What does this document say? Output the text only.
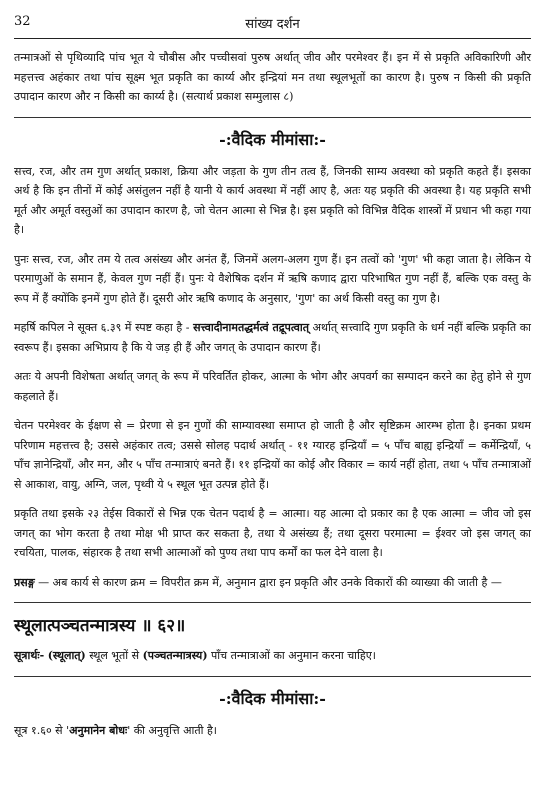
32	सांख्य दर्शन

तन्मात्रओं से पृथिव्यादि पांच भूत ये चौबीस और पच्चीसवां पुरुष अर्थात् जीव और परमेश्वर हैं। इन में से प्रकृति अविकारिणी और महत्तत्त्व अहंकार तथा पांच सूक्ष्म भूत प्रकृति का कार्य्य और इन्द्रियां मन तथा स्थूलभूतों का कारण है। पुरुष न किसी की प्रकृति उपादान कारण और न किसी का कार्य्य है। (सत्यार्थ प्रकाश सम्मुलास ८)

-:वैदिक मीमांसा:-

सत्त्व, रज, और तम गुण अर्थात् प्रकाश, क्रिया और जड़ता के गुण तीन तत्व हैं, जिनकी साम्य अवस्था को प्रकृति कहते हैं। इसका अर्थ है कि इन तीनों में कोई असंतुलन नहीं है यानी ये कार्य अवस्था में नहीं आए है, अतः यह प्रकृति की अवस्था है। यह प्रकृति सभी मूर्त और अमूर्त वस्तुओं का उपादान कारण है, जो चेतन आत्मा से भिन्न है। इस प्रकृति को विभिन्न वैदिक शास्त्रों में प्रधान भी कहा गया है।

पुनः सत्त्व, रज, और तम ये तत्व असंख्य और अनंत हैं, जिनमें अलग-अलग गुण हैं। इन तत्वों को 'गुण' भी कहा जाता है। लेकिन ये परमाणुओं के समान हैं, केवल गुण नहीं हैं। पुनः ये वैशेषिक दर्शन में ऋषि कणाद द्वारा परिभाषित गुण नहीं हैं, बल्कि एक वस्तु के रूप में हैं क्योंकि इनमें गुण होते हैं। दूसरी ओर ऋषि कणाद के अनुसार, 'गुण' का अर्थ किसी वस्तु का गुण है।

महर्षि कपिल ने सूक्त ६.३९ में स्पष्ट कहा है - सत्त्वादीनामतद्धर्मत्वं तद्रूपत्वात् अर्थात् सत्त्वादि गुण प्रकृति के धर्म नहीं बल्कि प्रकृति का स्वरूप हैं। इसका अभिप्राय है कि ये जड़ ही हैं और जगत् के उपादान कारण हैं।

अतः ये अपनी विशेषता अर्थात् जगत् के रूप में परिवर्तित होकर, आत्मा के भोग और अपवर्ग का सम्पादन करने का हेतु होने से गुण कहलाते हैं।

चेतन परमेश्वर के ईक्षण से = प्रेरणा से इन गुणों की साम्यावस्था समाप्त हो जाती है और सृष्टिक्रम आरम्भ होता है। इनका प्रथम परिणाम महत्तत्त्व है; उससे अहंकार तत्व; उससे सोलह पदार्थ अर्थात् - ११ ग्यारह इन्द्रियाँ = ५ पाँच बाह्य इन्द्रियाँ = कर्मेन्द्रियाँ, ५ पाँच ज्ञानेन्द्रियाँ, और मन, और ५ पाँच तन्मात्राएं बनते हैं। ११ इन्द्रियों का कोई और विकार = कार्य नहीं होता, तथा ५ पाँच तन्मात्राओं से आकाश, वायु, अग्नि, जल, पृथ्वी ये ५ स्थूल भूत उत्पन्न होते हैं।

प्रकृति तथा इसके २३ तेईस विकारों से भिन्न एक चेतन पदार्थ है = आत्मा। यह आत्मा दो प्रकार का है एक आत्मा = जीव जो इस जगत् का भोग करता है तथा मोक्ष भी प्राप्त कर सकता है, तथा ये असंख्य हैं; तथा दूसरा परमात्मा = ईश्वर जो इस जगत् का रचयिता, पालक, संहारक है तथा सभी आत्माओं को पुण्य तथा पाप कर्मों का फल देने वाला है।

प्रसङ्ग — अब कार्य से कारण क्रम = विपरीत क्रम में, अनुमान द्वारा इन प्रकृति और उनके विकारों की व्याख्या की जाती है —

स्थूलात्पञ्चतन्मात्रस्य ॥ ६२॥

सूत्रार्थः- (स्थूलात्) स्थूल भूतों से (पञ्चतन्मात्रस्य) पाँच तन्मात्राओं का अनुमान करना चाहिए।

-:वैदिक मीमांसा:-

सूत्र १.६० से 'अनुमानेन बोधः' की अनुवृत्ति आती है।
